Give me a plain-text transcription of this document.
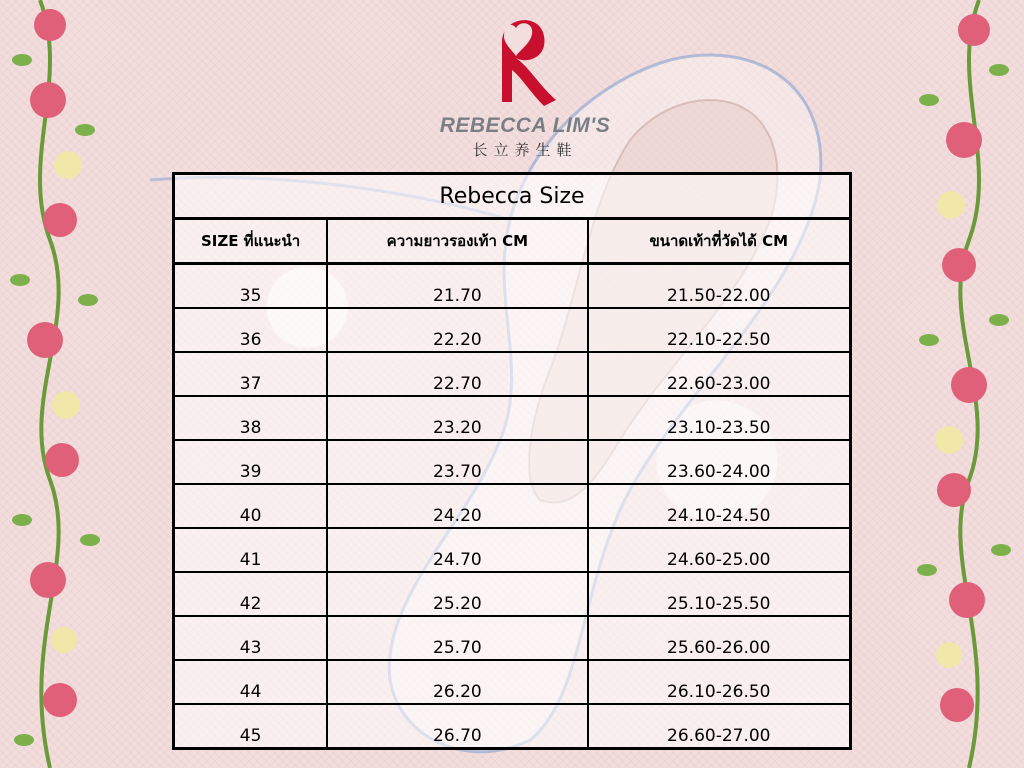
REBECCA LIM'S
长立养生鞋
Rebecca Size		
SIZE ที่แนะนำ	ความยาวรองเท้า CM	ขนาดเท้าที่วัดได้ CM
35	21.70	21.50-22.00
36	22.20	22.10-22.50
37	22.70	22.60-23.00
38	23.20	23.10-23.50
39	23.70	23.60-24.00
40	24.20	24.10-24.50
41	24.70	24.60-25.00
42	25.20	25.10-25.50
43	25.70	25.60-26.00
44	26.20	26.10-26.50
45	26.70	26.60-27.00
